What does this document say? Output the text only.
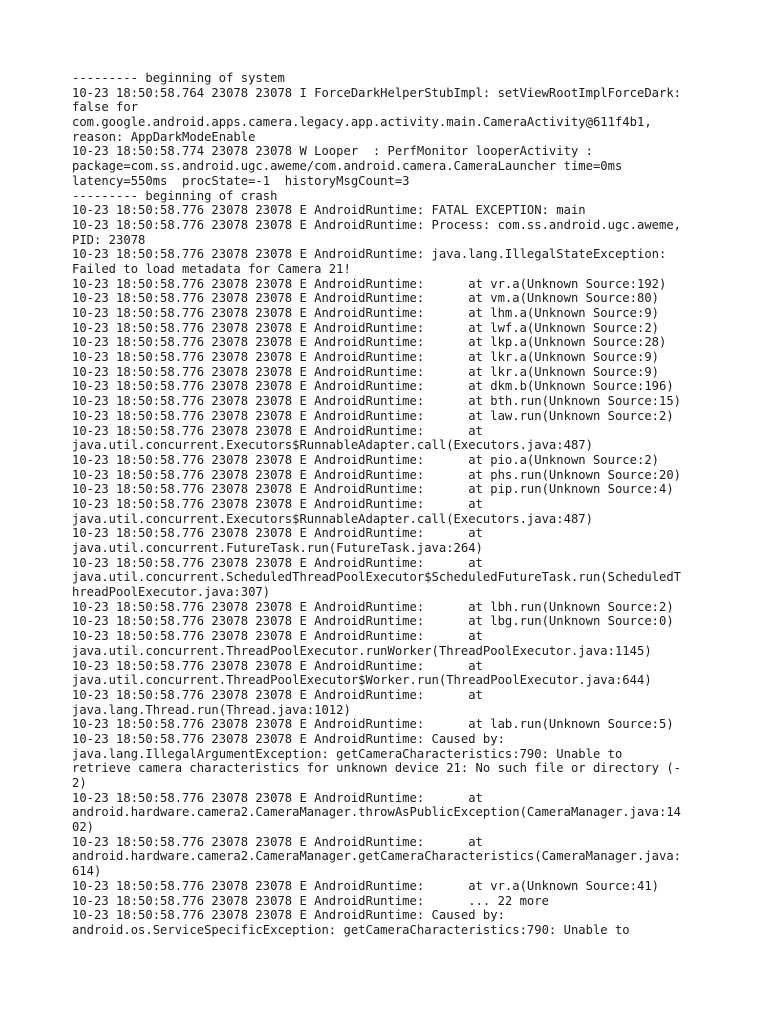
--------- beginning of system
10-23 18:50:58.764 23078 23078 I ForceDarkHelperStubImpl: setViewRootImplForceDark:
false for
com.google.android.apps.camera.legacy.app.activity.main.CameraActivity@611f4b1,
reason: AppDarkModeEnable
10-23 18:50:58.774 23078 23078 W Looper  : PerfMonitor looperActivity :
package=com.ss.android.ugc.aweme/com.android.camera.CameraLauncher time=0ms
latency=550ms  procState=-1  historyMsgCount=3
--------- beginning of crash
10-23 18:50:58.776 23078 23078 E AndroidRuntime: FATAL EXCEPTION: main
10-23 18:50:58.776 23078 23078 E AndroidRuntime: Process: com.ss.android.ugc.aweme,
PID: 23078
10-23 18:50:58.776 23078 23078 E AndroidRuntime: java.lang.IllegalStateException:
Failed to load metadata for Camera 21!
10-23 18:50:58.776 23078 23078 E AndroidRuntime:      at vr.a(Unknown Source:192)
10-23 18:50:58.776 23078 23078 E AndroidRuntime:      at vm.a(Unknown Source:80)
10-23 18:50:58.776 23078 23078 E AndroidRuntime:      at lhm.a(Unknown Source:9)
10-23 18:50:58.776 23078 23078 E AndroidRuntime:      at lwf.a(Unknown Source:2)
10-23 18:50:58.776 23078 23078 E AndroidRuntime:      at lkp.a(Unknown Source:28)
10-23 18:50:58.776 23078 23078 E AndroidRuntime:      at lkr.a(Unknown Source:9)
10-23 18:50:58.776 23078 23078 E AndroidRuntime:      at lkr.a(Unknown Source:9)
10-23 18:50:58.776 23078 23078 E AndroidRuntime:      at dkm.b(Unknown Source:196)
10-23 18:50:58.776 23078 23078 E AndroidRuntime:      at bth.run(Unknown Source:15)
10-23 18:50:58.776 23078 23078 E AndroidRuntime:      at law.run(Unknown Source:2)
10-23 18:50:58.776 23078 23078 E AndroidRuntime:      at
java.util.concurrent.Executors$RunnableAdapter.call(Executors.java:487)
10-23 18:50:58.776 23078 23078 E AndroidRuntime:      at pio.a(Unknown Source:2)
10-23 18:50:58.776 23078 23078 E AndroidRuntime:      at phs.run(Unknown Source:20)
10-23 18:50:58.776 23078 23078 E AndroidRuntime:      at pip.run(Unknown Source:4)
10-23 18:50:58.776 23078 23078 E AndroidRuntime:      at
java.util.concurrent.Executors$RunnableAdapter.call(Executors.java:487)
10-23 18:50:58.776 23078 23078 E AndroidRuntime:      at
java.util.concurrent.FutureTask.run(FutureTask.java:264)
10-23 18:50:58.776 23078 23078 E AndroidRuntime:      at
java.util.concurrent.ScheduledThreadPoolExecutor$ScheduledFutureTask.run(ScheduledT
hreadPoolExecutor.java:307)
10-23 18:50:58.776 23078 23078 E AndroidRuntime:      at lbh.run(Unknown Source:2)
10-23 18:50:58.776 23078 23078 E AndroidRuntime:      at lbg.run(Unknown Source:0)
10-23 18:50:58.776 23078 23078 E AndroidRuntime:      at
java.util.concurrent.ThreadPoolExecutor.runWorker(ThreadPoolExecutor.java:1145)
10-23 18:50:58.776 23078 23078 E AndroidRuntime:      at
java.util.concurrent.ThreadPoolExecutor$Worker.run(ThreadPoolExecutor.java:644)
10-23 18:50:58.776 23078 23078 E AndroidRuntime:      at
java.lang.Thread.run(Thread.java:1012)
10-23 18:50:58.776 23078 23078 E AndroidRuntime:      at lab.run(Unknown Source:5)
10-23 18:50:58.776 23078 23078 E AndroidRuntime: Caused by:
java.lang.IllegalArgumentException: getCameraCharacteristics:790: Unable to
retrieve camera characteristics for unknown device 21: No such file or directory (-
2)
10-23 18:50:58.776 23078 23078 E AndroidRuntime:      at
android.hardware.camera2.CameraManager.throwAsPublicException(CameraManager.java:14
02)
10-23 18:50:58.776 23078 23078 E AndroidRuntime:      at
android.hardware.camera2.CameraManager.getCameraCharacteristics(CameraManager.java:
614)
10-23 18:50:58.776 23078 23078 E AndroidRuntime:      at vr.a(Unknown Source:41)
10-23 18:50:58.776 23078 23078 E AndroidRuntime:      ... 22 more
10-23 18:50:58.776 23078 23078 E AndroidRuntime: Caused by:
android.os.ServiceSpecificException: getCameraCharacteristics:790: Unable to
